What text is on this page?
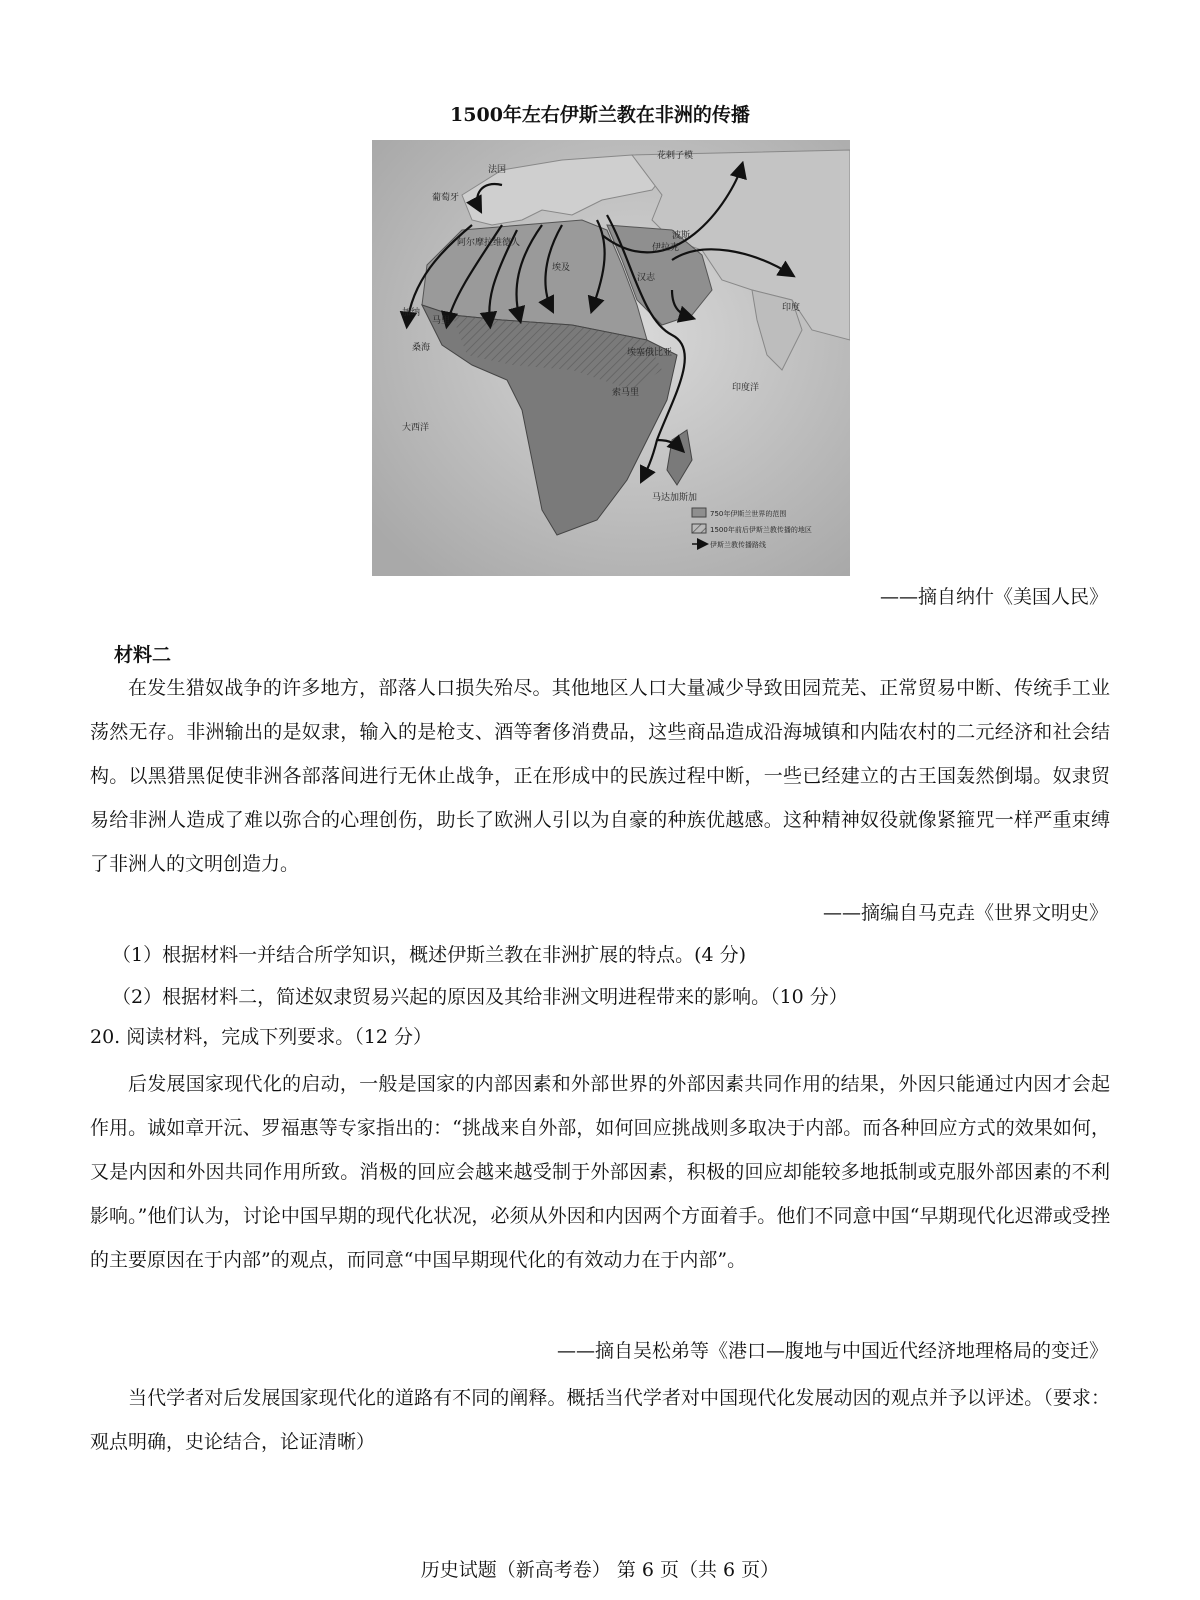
1500年左右伊斯兰教在非洲的传播
花剌子模
法国
葡萄牙
阿尔摩拉维德人
马里
加纳
桑海
波斯
伊拉克
汉志
埃及
印度
埃塞俄比亚
索马里
马达加斯加
大西洋
印度洋
750年伊斯兰世界的范围
1500年前后伊斯兰教传播的地区
伊斯兰教传播路线
——摘自纳什《美国人民》
材料二

在发生猎奴战争的许多地方，部落人口损失殆尽。其他地区人口大量减少导致田园荒芜、正常贸易中断、传统手工业荡然无存。非洲输出的是奴隶，输入的是枪支、酒等奢侈消费品，这些商品造成沿海城镇和内陆农村的二元经济和社会结构。以黑猎黑促使非洲各部落间进行无休止战争，正在形成中的民族过程中断，一些已经建立的古王国轰然倒塌。奴隶贸易给非洲人造成了难以弥合的心理创伤，助长了欧洲人引以为自豪的种族优越感。这种精神奴役就像紧箍咒一样严重束缚了非洲人的文明创造力。

——摘编自马克垚《世界文明史》
（1）根据材料一并结合所学知识，概述伊斯兰教在非洲扩展的特点。(4 分)
（2）根据材料二，简述奴隶贸易兴起的原因及其给非洲文明进程带来的影响。（10 分）
20. 阅读材料，完成下列要求。（12 分）

后发展国家现代化的启动，一般是国家的内部因素和外部世界的外部因素共同作用的结果，外因只能通过内因才会起作用。诚如章开沅、罗福惠等专家指出的：“挑战来自外部，如何回应挑战则多取决于内部。而各种回应方式的效果如何，又是内因和外因共同作用所致。消极的回应会越来越受制于外部因素，积极的回应却能较多地抵制或克服外部因素的不利影响。”他们认为，讨论中国早期的现代化状况，必须从外因和内因两个方面着手。他们不同意中国“早期现代化迟滞或受挫的主要原因在于内部”的观点，而同意“中国早期现代化的有效动力在于内部”。

——摘自吴松弟等《港口—腹地与中国近代经济地理格局的变迁》

当代学者对后发展国家现代化的道路有不同的阐释。概括当代学者对中国现代化发展动因的观点并予以评述。（要求：观点明确，史论结合，论证清晰）

历史试题（新高考卷） 第 6 页（共 6 页）
